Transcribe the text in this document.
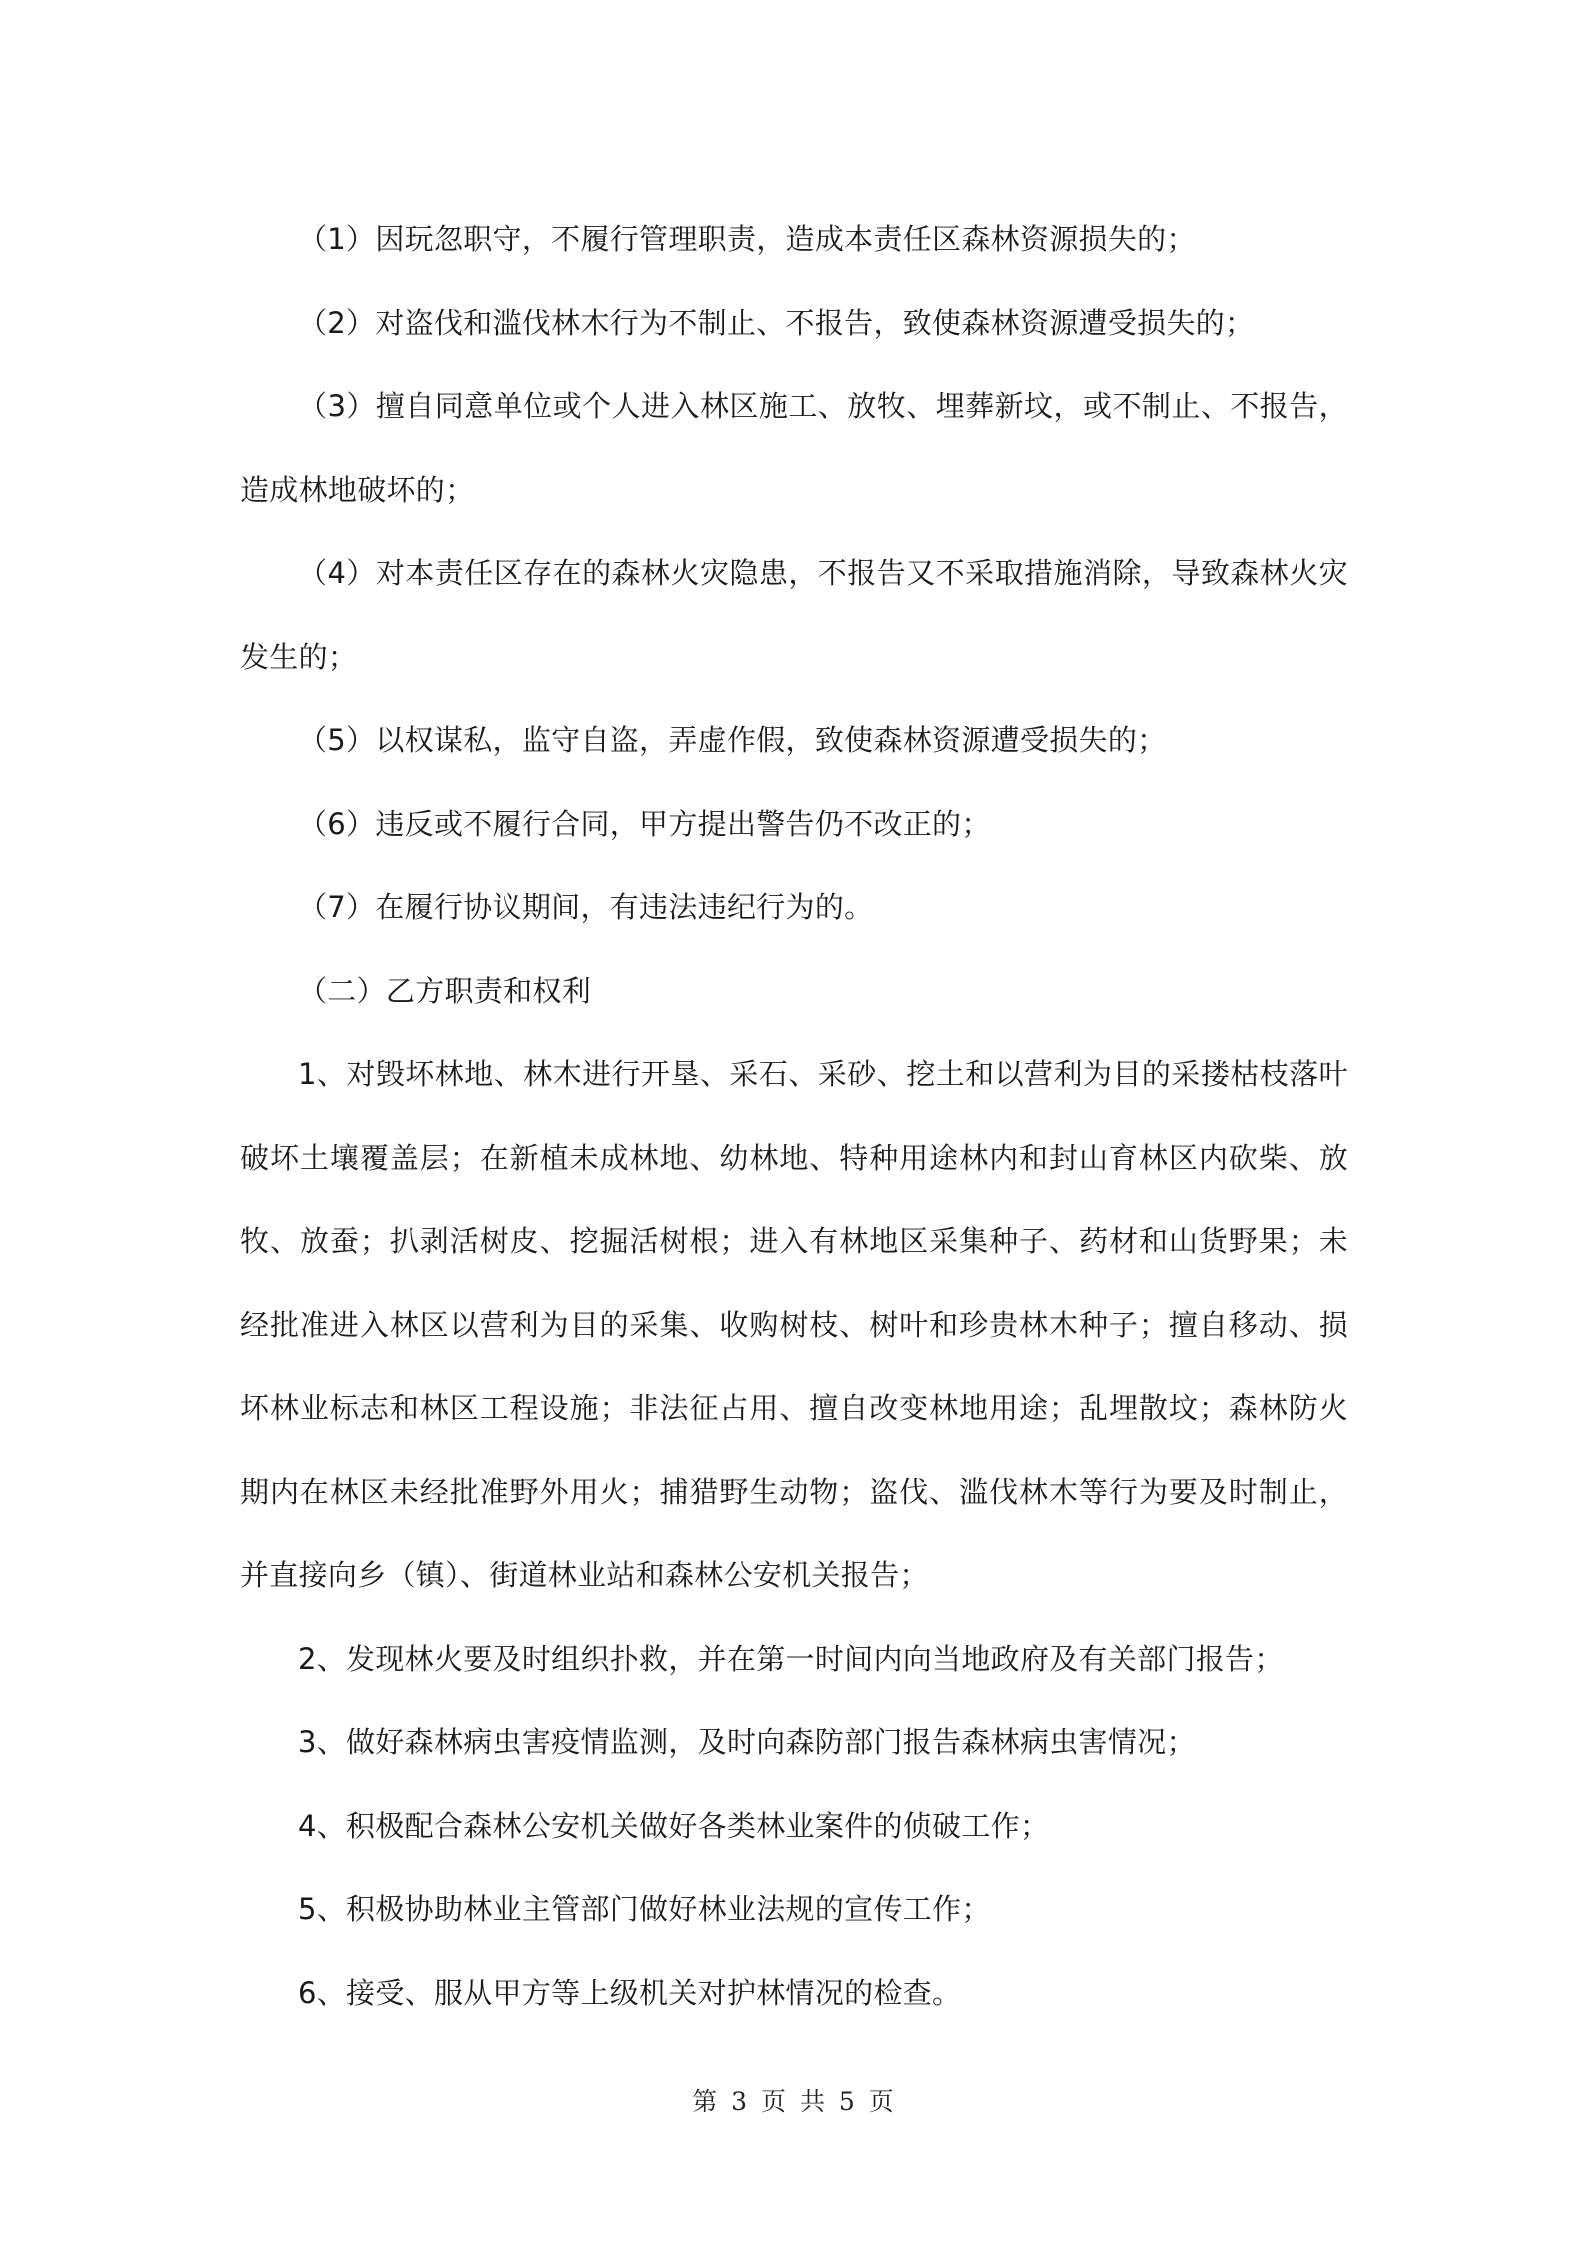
（1）因玩忽职守，不履行管理职责，造成本责任区森林资源损失的；

（2）对盗伐和滥伐林木行为不制止、不报告，致使森林资源遭受损失的；

（3）擅自同意单位或个人进入林区施工、放牧、埋葬新坟，或不制止、不报告，造成林地破坏的；

（4）对本责任区存在的森林火灾隐患，不报告又不采取措施消除，导致森林火灾发生的；

（5）以权谋私，监守自盗，弄虚作假，致使森林资源遭受损失的；

（6）违反或不履行合同，甲方提出警告仍不改正的；

（7）在履行协议期间，有违法违纪行为的。

（二）乙方职责和权利

1、对毁坏林地、林木进行开垦、采石、采砂、挖土和以营利为目的采搂枯枝落叶破坏土壤覆盖层；在新植未成林地、幼林地、特种用途林内和封山育林区内砍柴、放牧、放蚕；扒剥活树皮、挖掘活树根；进入有林地区采集种子、药材和山货野果；未经批准进入林区以营利为目的采集、收购树枝、树叶和珍贵林木种子；擅自移动、损坏林业标志和林区工程设施；非法征占用、擅自改变林地用途；乱埋散坟；森林防火期内在林区未经批准野外用火；捕猎野生动物；盗伐、滥伐林木等行为要及时制止，并直接向乡（镇）、街道林业站和森林公安机关报告；

2、发现林火要及时组织扑救，并在第一时间内向当地政府及有关部门报告；

3、做好森林病虫害疫情监测，及时向森防部门报告森林病虫害情况；

4、积极配合森林公安机关做好各类林业案件的侦破工作；

5、积极协助林业主管部门做好林业法规的宣传工作；

6、接受、服从甲方等上级机关对护林情况的检查。

第 3 页 共 5 页
